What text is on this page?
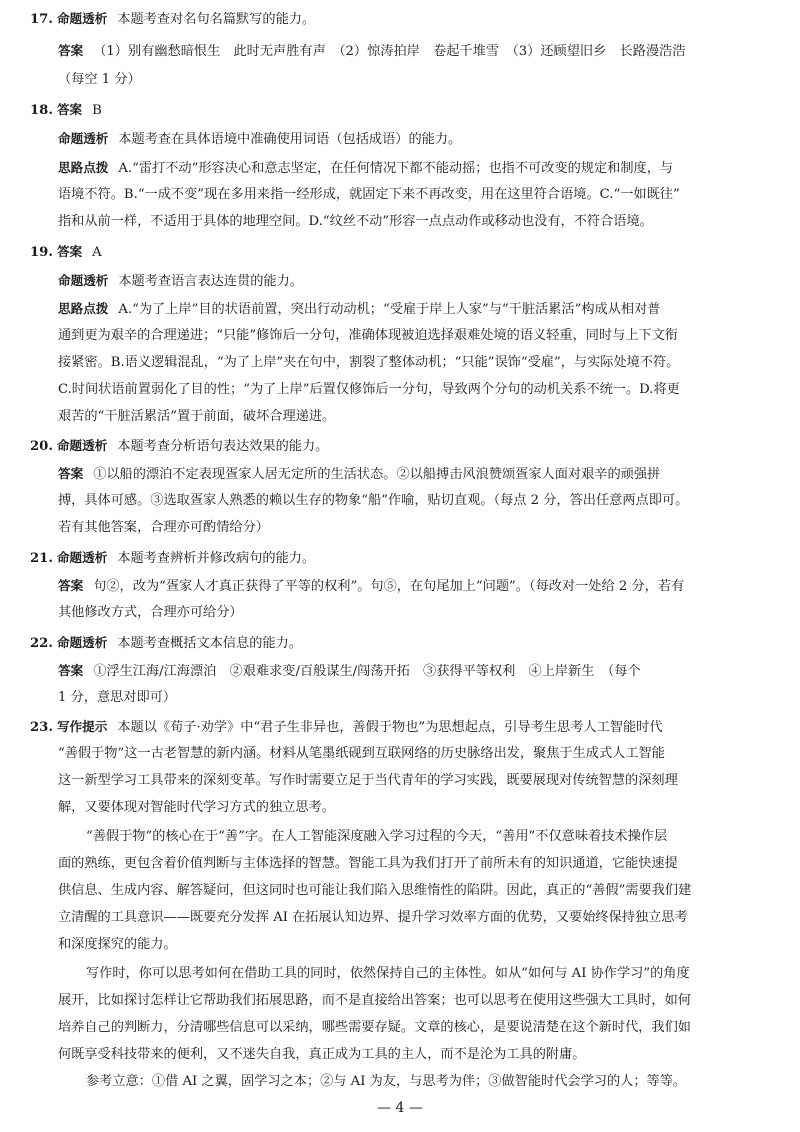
17. 命题透析 本题考查对名句名篇默写的能力。

答案 （1）别有幽愁暗恨生　此时无声胜有声　（2）惊涛拍岸　卷起千堆雪　（3）还顾望旧乡　长路漫浩浩

（每空 1 分）

18. 答案 B

命题透析 本题考查在具体语境中准确使用词语（包括成语）的能力。

思路点拨 A.“雷打不动”形容决心和意志坚定，在任何情况下都不能动摇；也指不可改变的规定和制度，与

语境不符。B.“一成不变”现在多用来指一经形成，就固定下来不再改变，用在这里符合语境。C.“一如既往”

指和从前一样，不适用于具体的地理空间。D.“纹丝不动”形容一点点动作或移动也没有，不符合语境。

19. 答案 A

命题透析 本题考查语言表达连贯的能力。

思路点拨 A.“为了上岸”目的状语前置，突出行动动机；“受雇于岸上人家”与“干脏活累活”构成从相对普

通到更为艰辛的合理递进；“只能”修饰后一分句，准确体现被迫选择艰难处境的语义轻重，同时与上下文衔

接紧密。B.语义逻辑混乱，“为了上岸”夹在句中，割裂了整体动机；“只能”误饰“受雇”，与实际处境不符。

C.时间状语前置弱化了目的性；“为了上岸”后置仅修饰后一分句，导致两个分句的动机关系不统一。D.将更

艰苦的“干脏活累活”置于前面，破坏合理递进。

20. 命题透析 本题考查分析语句表达效果的能力。

答案 ①以船的漂泊不定表现疍家人居无定所的生活状态。②以船搏击风浪赞颂疍家人面对艰辛的顽强拼

搏，具体可感。③选取疍家人熟悉的赖以生存的物象“船”作喻，贴切直观。（每点 2 分，答出任意两点即可。

若有其他答案，合理亦可酌情给分）

21. 命题透析 本题考查辨析并修改病句的能力。

答案 句②，改为“疍家人才真正获得了平等的权利”。句⑤，在句尾加上“问题”。（每改对一处给 2 分，若有

其他修改方式，合理亦可给分）

22. 命题透析 本题考查概括文本信息的能力。

答案 ①浮生江海/江海漂泊　②艰难求变/百般谋生/闯荡开拓　③获得平等权利　④上岸新生　（每个

1 分，意思对即可）

23. 写作提示 本题以《荀子·劝学》中“君子生非异也，善假于物也”为思想起点，引导考生思考人工智能时代

“善假于物”这一古老智慧的新内涵。材料从笔墨纸砚到互联网络的历史脉络出发，聚焦于生成式人工智能

这一新型学习工具带来的深刻变革。写作时需要立足于当代青年的学习实践，既要展现对传统智慧的深刻理

解，又要体现对智能时代学习方式的独立思考。

“善假于物”的核心在于“善”字。在人工智能深度融入学习过程的今天，“善用”不仅意味着技术操作层

面的熟练，更包含着价值判断与主体选择的智慧。智能工具为我们打开了前所未有的知识通道，它能快速提

供信息、生成内容、解答疑问，但这同时也可能让我们陷入思维惰性的陷阱。因此，真正的“善假”需要我们建

立清醒的工具意识——既要充分发挥 AI 在拓展认知边界、提升学习效率方面的优势，又要始终保持独立思考

和深度探究的能力。

写作时，你可以思考如何在借助工具的同时，依然保持自己的主体性。如从“如何与 AI 协作学习”的角度

展开，比如探讨怎样让它帮助我们拓展思路，而不是直接给出答案；也可以思考在使用这些强大工具时，如何

培养自己的判断力，分清哪些信息可以采纳，哪些需要存疑。文章的核心，是要说清楚在这个新时代，我们如

何既享受科技带来的便利，又不迷失自我，真正成为工具的主人，而不是沦为工具的附庸。

参考立意：①借 AI 之翼，固学习之本；②与 AI 为友，与思考为伴；③做智能时代会学习的人；等等。

— 4 —
